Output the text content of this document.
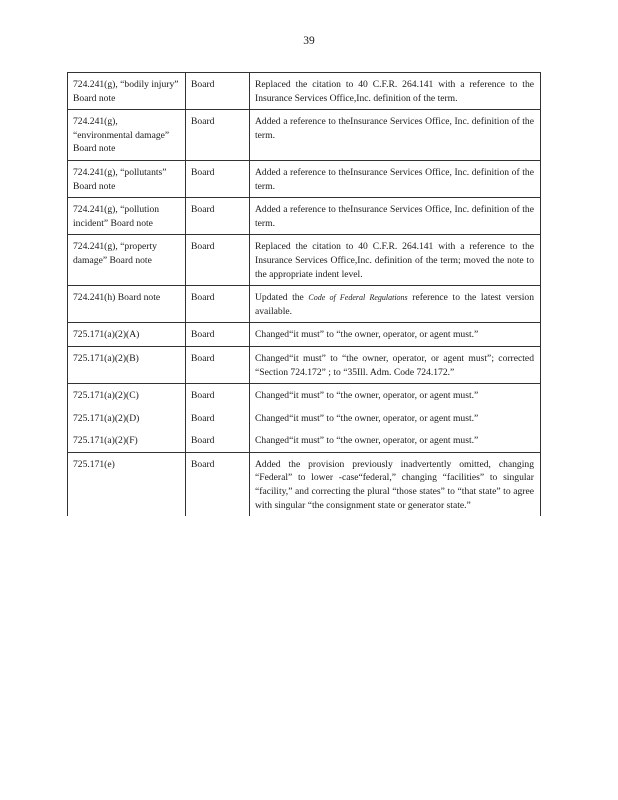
39
724.241(g), “bodily injury” Board note	Board	Replaced the citation to 40 C.F.R. 264.141 with a reference to the Insurance Services Office,Inc. definition of the term.
724.241(g), “environmental damage” Board note	Board	Added a reference to theInsurance Services Office, Inc. definition of the term.
724.241(g), “pollutants” Board note	Board	Added a reference to theInsurance Services Office, Inc. definition of the term.
724.241(g), “pollution incident” Board note	Board	Added a reference to theInsurance Services Office, Inc. definition of the term.
724.241(g), “property damage” Board note	Board	Replaced the citation to 40 C.F.R. 264.141 with a reference to the Insurance Services Office,Inc. definition of the term; moved the note to the appropriate indent level.
724.241(h) Board note	Board	Updated the Code of Federal Regulations reference to the latest version available.
725.171(a)(2)(A)	Board	Changed“it must” to “the owner, operator, or agent must.”
725.171(a)(2)(B)	Board	Changed“it must” to “the owner, operator, or agent must”; corrected “Section 724.172” ; to “35Ill. Adm. Code 724.172.”
725.171(a)(2)(C)	Board	Changed“it must” to “the owner, operator, or agent must.”
725.171(a)(2)(D)	Board	Changed“it must” to “the owner, operator, or agent must.”
725.171(a)(2)(F)	Board	Changed“it must” to “the owner, operator, or agent must.”
725.171(e)	Board	Added the provision previously inadvertently omitted, changing “Federal” to lower -case“federal,” changing “facilities” to singular “facility,” and correcting the plural “those states” to “that state” to agree with singular “the consignment state or generator state.”
